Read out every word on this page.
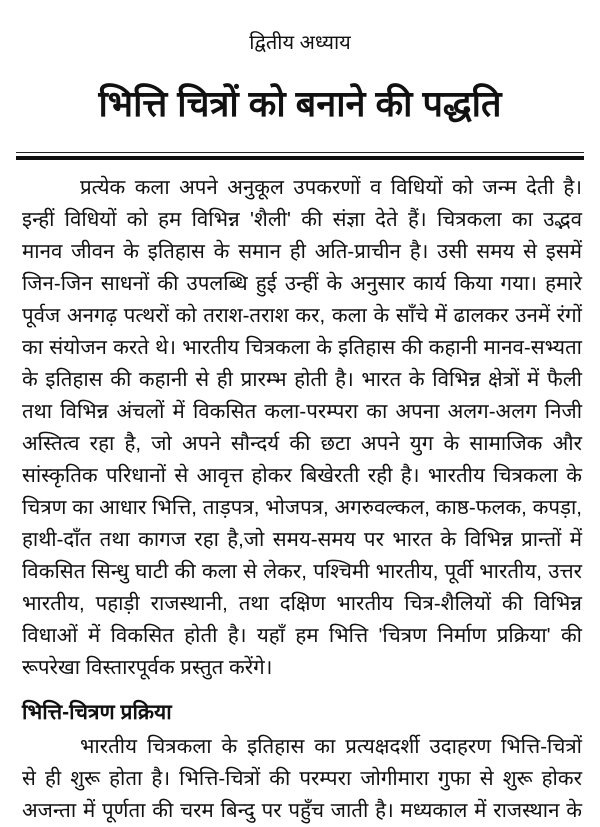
द्वितीय अध्याय
भित्ति चित्रों को बनाने की पद्धति
प्रत्येक कला अपने अनुकूल उपकरणों व विधियों को जन्म देती है।
इन्हीं विधियों को हम विभिन्न 'शैली' की संज्ञा देते हैं। चित्रकला का उद्भव
मानव जीवन के इतिहास के समान ही अति-प्राचीन है। उसी समय से इसमें
जिन-जिन साधनों की उपलब्धि हुई उन्हीं के अनुसार कार्य किया गया। हमारे
पूर्वज अनगढ़ पत्थरों को तराश-तराश कर, कला के साँचे में ढालकर उनमें रंगों
का संयोजन करते थे। भारतीय चित्रकला के इतिहास की कहानी मानव-सभ्यता
के इतिहास की कहानी से ही प्रारम्भ होती है। भारत के विभिन्न क्षेत्रों में फैली
तथा विभिन्न अंचलों में विकसित कला-परम्परा का अपना अलग-अलग निजी
अस्तित्व रहा है, जो अपने सौन्दर्य की छटा अपने युग के सामाजिक और
सांस्कृतिक परिधानों से आवृत्त होकर बिखेरती रही है। भारतीय चित्रकला के
चित्रण का आधार भित्ति, ताड़पत्र, भोजपत्र, अगरुवल्कल, काष्ठ-फलक, कपड़ा,
हाथी-दाँत तथा कागज रहा है,जो समय-समय पर भारत के विभिन्न प्रान्तों में
विकसित सिन्धु घाटी की कला से लेकर, पश्चिमी भारतीय, पूर्वी भारतीय, उत्तर
भारतीय, पहाड़ी राजस्थानी, तथा दक्षिण भारतीय चित्र-शैलियों की विभिन्न
विधाओं में विकसित होती है। यहाँ हम भित्ति 'चित्रण निर्माण प्रक्रिया' की
रूपरेखा विस्तारपूर्वक प्रस्तुत करेंगे।
भित्ति-चित्रण प्रक्रिया
भारतीय चित्रकला के इतिहास का प्रत्यक्षदर्शी उदाहरण भित्ति-चित्रों
से ही शुरू होता है। भित्ति-चित्रों की परम्परा जोगीमारा गुफा से शुरू होकर
अजन्ता में पूर्णता की चरम बिन्दु पर पहुँच जाती है। मध्यकाल में राजस्थान के
